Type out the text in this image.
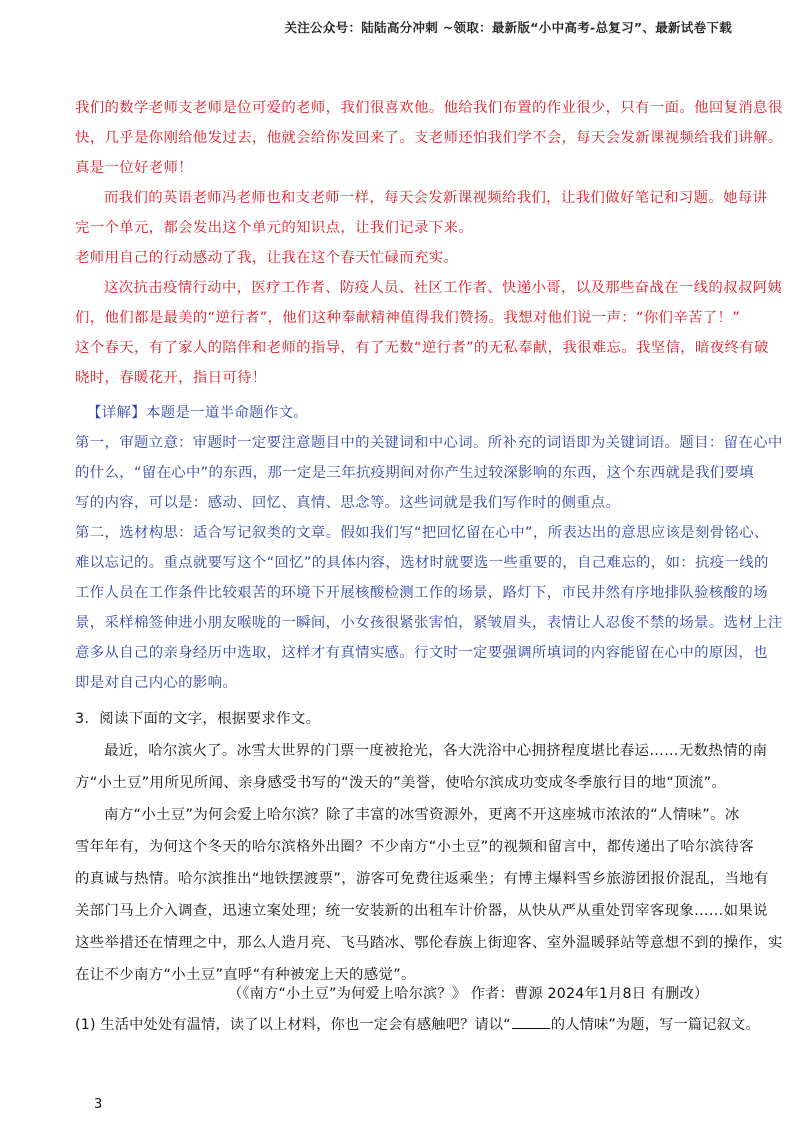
关注公众号：陆陆高分冲刺 ~领取：最新版“小中高考-总复习”、最新试卷下载
我们的数学老师支老师是位可爱的老师，我们很喜欢他。他给我们布置的作业很少，只有一面。他回复消息很
快，几乎是你刚给他发过去，他就会给你发回来了。支老师还怕我们学不会，每天会发新课视频给我们讲解。
真是一位好老师！
而我们的英语老师冯老师也和支老师一样，每天会发新课视频给我们，让我们做好笔记和习题。她每讲
完一个单元，都会发出这个单元的知识点，让我们记录下来。
老师用自己的行动感动了我，让我在这个春天忙碌而充实。
这次抗击疫情行动中，医疗工作者、防疫人员、社区工作者、快递小哥，以及那些奋战在一线的叔叔阿姨
们，他们都是最美的“逆行者”，他们这种奉献精神值得我们赞扬。我想对他们说一声：“你们辛苦了！”
这个春天，有了家人的陪伴和老师的指导，有了无数“逆行者”的无私奉献，我很难忘。我坚信，暗夜终有破
晓时，春暖花开，指日可待！
【详解】本题是一道半命题作文。
第一，审题立意：审题时一定要注意题目中的关键词和中心词。所补充的词语即为关键词语。题目：留在心中
的什么，“留在心中”的东西，那一定是三年抗疫期间对你产生过较深影响的东西，这个东西就是我们要填
写的内容，可以是：感动、回忆、真情、思念等。这些词就是我们写作时的侧重点。
第二，选材构思：适合写记叙类的文章。假如我们写“把回忆留在心中”，所表达出的意思应该是刻骨铭心、
难以忘记的。重点就要写这个“回忆”的具体内容，选材时就要选一些重要的，自己难忘的，如：抗疫一线的
工作人员在工作条件比较艰苦的环境下开展核酸检测工作的场景，路灯下，市民井然有序地排队验核酸的场
景，采样棉签伸进小朋友喉咙的一瞬间，小女孩很紧张害怕，紧皱眉头，表情让人忍俊不禁的场景。选材上注
意多从自己的亲身经历中选取，这样才有真情实感。行文时一定要强调所填词的内容能留在心中的原因，也
即是对自己内心的影响。
3．阅读下面的文字，根据要求作文。
最近，哈尔滨火了。冰雪大世界的门票一度被抢光，各大洗浴中心拥挤程度堪比春运……无数热情的南
方“小土豆”用所见所闻、亲身感受书写的“泼天的”美誉，使哈尔滨成功变成冬季旅行目的地“顶流”。
南方“小土豆”为何会爱上哈尔滨？除了丰富的冰雪资源外，更离不开这座城市浓浓的“人情味”。冰
雪年年有，为何这个冬天的哈尔滨格外出圈？不少南方“小土豆”的视频和留言中，都传递出了哈尔滨待客
的真诚与热情。哈尔滨推出“地铁摆渡票”，游客可免费往返乘坐；有博主爆料雪乡旅游团报价混乱，当地有
关部门马上介入调查，迅速立案处理；统一安装新的出租车计价器，从快从严从重处罚宰客现象……如果说
这些举措还在情理之中，那么人造月亮、飞马踏冰、鄂伦春族上街迎客、室外温暖驿站等意想不到的操作，实
在让不少南方“小土豆”直呼“有种被宠上天的感觉”。
（《南方“小土豆”为何爱上哈尔滨？》 作者：曹源 2024年1月8日 有删改）
(1) 生活中处处有温情，读了以上材料，你也一定会有感触吧？请以“	的人情味”为题，写一篇记叙文。
3
